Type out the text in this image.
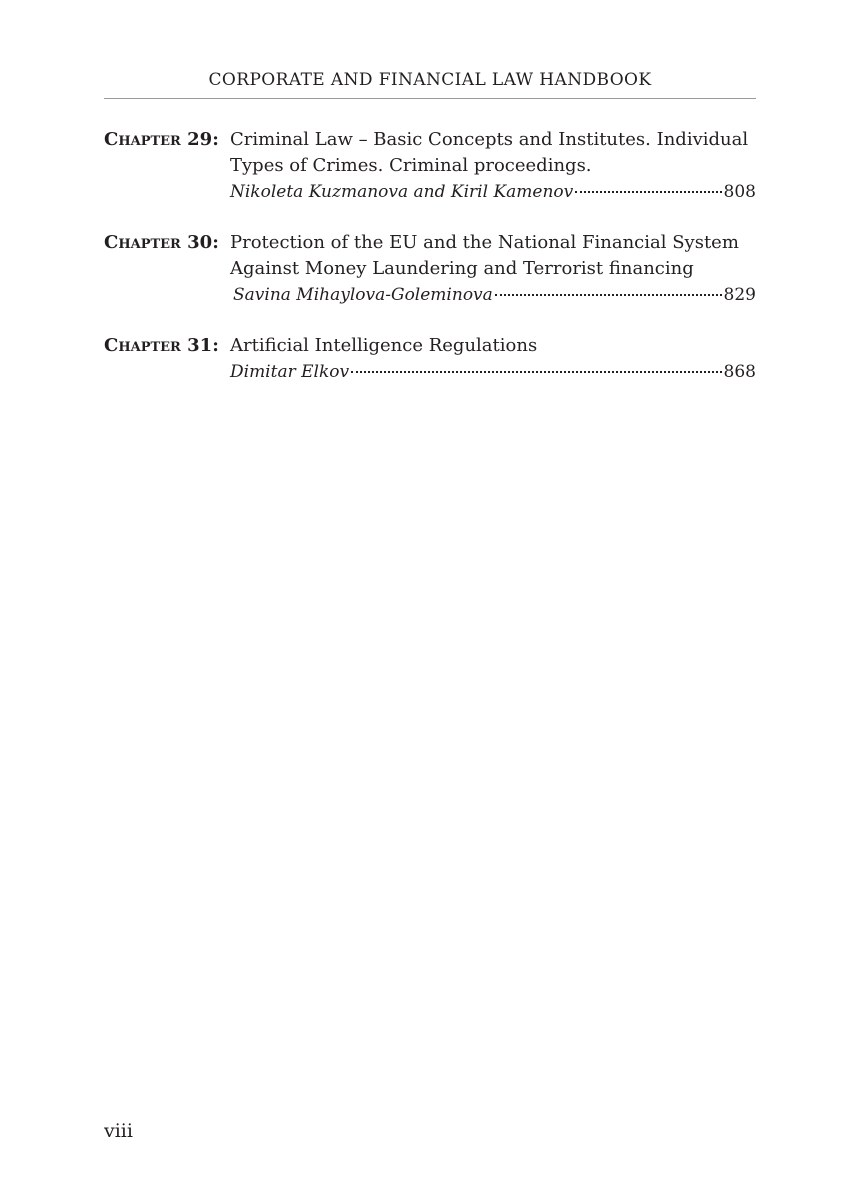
CORPORATE AND FINANCIAL LAW HANDBOOK
Chapter 29: Criminal Law – Basic Concepts and Institutes. Individual Types of Crimes. Criminal proceedings.
Nikoleta Kuzmanova and Kiril Kamenov	808
Chapter 30: Protection of the EU and the National Financial System Against Money Laundering and Terrorist financing
Savina Mihaylova-Goleminova	829
Chapter 31: Artificial Intelligence Regulations
Dimitar Elkov	868
viii
